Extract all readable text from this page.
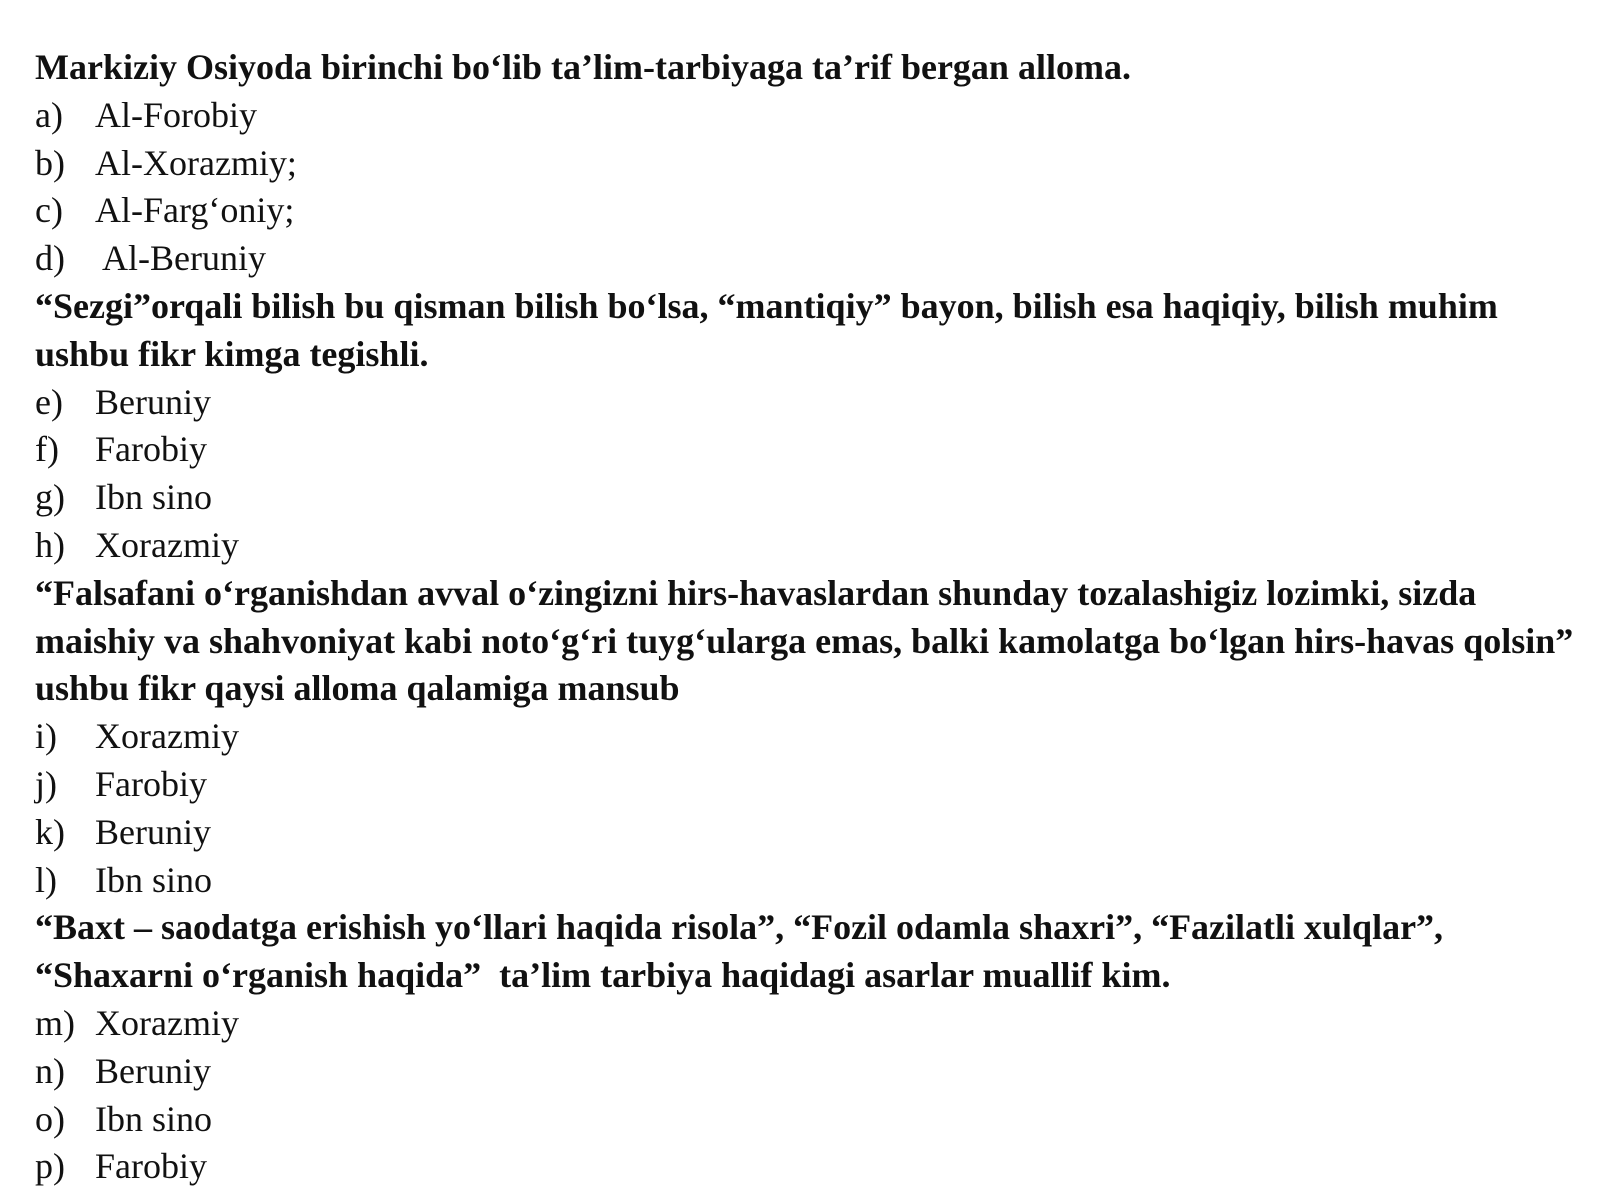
Markiziy Osiyoda birinchi bo‘lib ta’lim-tarbiyaga ta’rif bergan alloma.

a) Al-Forobiy
b) Al-Xorazmiy;
c) Al-Farg‘oniy;
d) Al-Beruniy

“Sezgi”orqali bilish bu qisman bilish bo‘lsa, “mantiqiy” bayon, bilish esa haqiqiy, bilish muhim ushbu fikr kimga tegishli.

e) Beruniy
f)	Farobiy
g) Ibn sino
h) Xorazmiy

“Falsafani o‘rganishdan avval o‘zingizni hirs-havaslardan shunday tozalashigiz lozimki, sizda maishiy va shahvoniyat kabi noto‘g‘ri tuyg‘ularga emas, balki kamolatga bo‘lgan hirs-havas qolsin” ushbu fikr qaysi alloma qalamiga mansub

i)	Xorazmiy
j)	Farobiy
k) Beruniy
l)	Ibn sino

“Baxt – saodatga erishish yo‘llari haqida risola”, “Fozil odamla shaxri”, “Fazilatli xulqlar”, “Shaxarni o‘rganish haqida”  ta’lim tarbiya haqidagi asarlar muallif kim.

m) Xorazmiy
n) Beruniy
o) Ibn sino
p) Farobiy
